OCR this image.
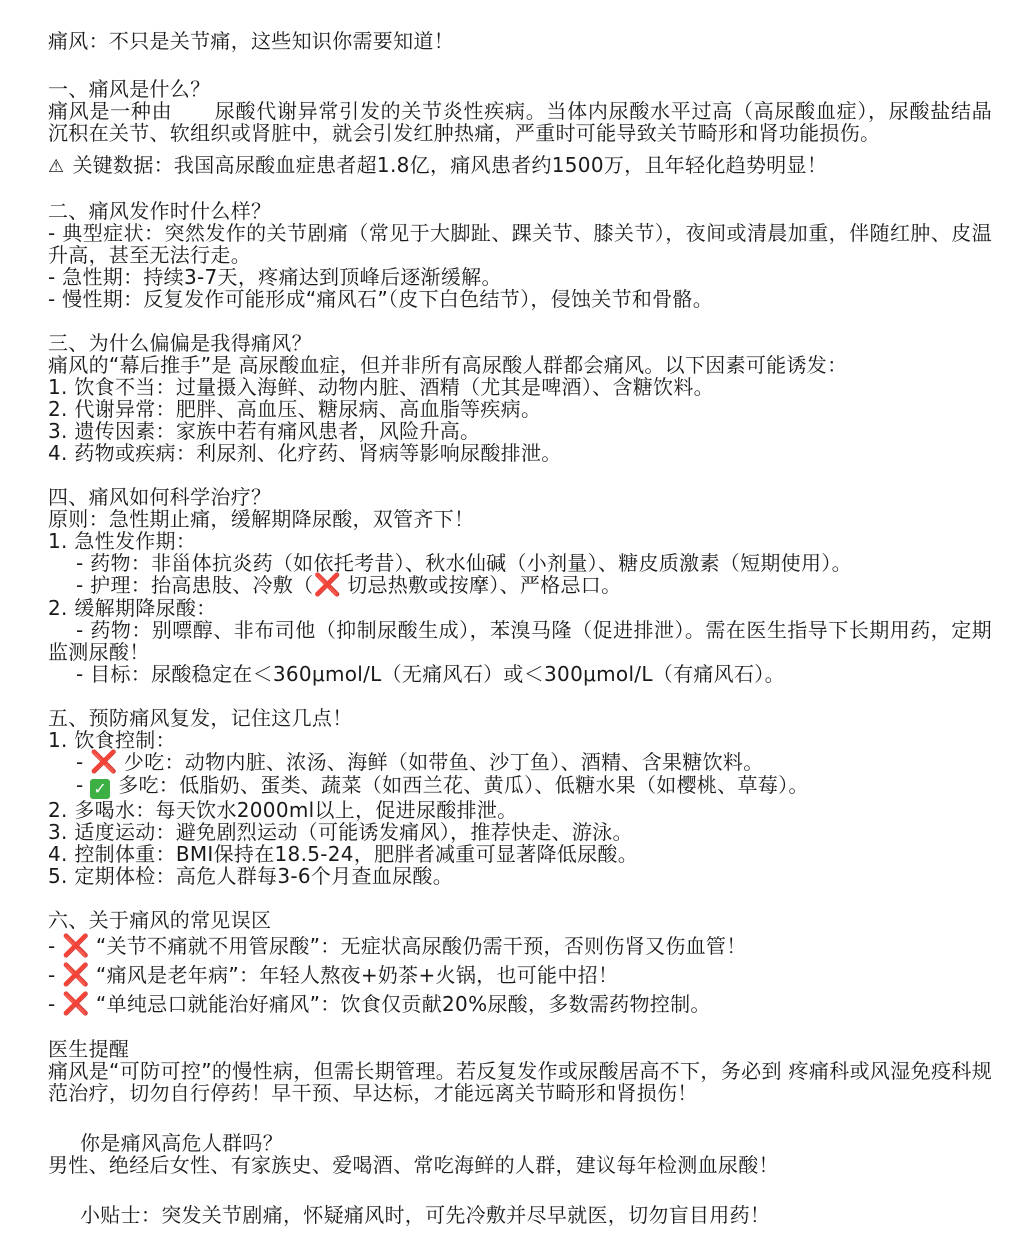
痛风：不只是关节痛，这些知识你需要知道！

一、痛风是什么？

痛风是一种由 尿酸代谢异常引发的关节炎性疾病。当体内尿酸水平过高（高尿酸血症），尿酸盐结晶沉积在关节、软组织或肾脏中，就会引发红肿热痛，严重时可能导致关节畸形和肾功能损伤。

⚠ 关键数据：我国高尿酸血症患者超1.8亿，痛风患者约1500万，且年轻化趋势明显！

二、痛风发作时什么样？

- 典型症状：突然发作的关节剧痛（常见于大脚趾、踝关节、膝关节），夜间或清晨加重，伴随红肿、皮温升高，甚至无法行走。

- 急性期：持续3-7天，疼痛达到顶峰后逐渐缓解。

- 慢性期：反复发作可能形成“痛风石”（皮下白色结节），侵蚀关节和骨骼。

三、为什么偏偏是我得痛风？

痛风的“幕后推手”是 高尿酸血症，但并非所有高尿酸人群都会痛风。以下因素可能诱发：

1. 饮食不当：过量摄入海鲜、动物内脏、酒精（尤其是啤酒）、含糖饮料。

2. 代谢异常：肥胖、高血压、糖尿病、高血脂等疾病。

3. 遗传因素：家族中若有痛风患者，风险升高。

4. 药物或疾病：利尿剂、化疗药、肾病等影响尿酸排泄。

四、痛风如何科学治疗？

原则：急性期止痛，缓解期降尿酸，双管齐下！

1. 急性发作期：

- 药物：非甾体抗炎药（如依托考昔）、秋水仙碱（小剂量）、糖皮质激素（短期使用）。

- 护理：抬高患肢、冷敷（❌ 切忌热敷或按摩）、严格忌口。

2. 缓解期降尿酸：

- 药物：别嘌醇、非布司他（抑制尿酸生成），苯溴马隆（促进排泄）。需在医生指导下长期用药，定期监测尿酸！

- 目标：尿酸稳定在＜360μmol/L（无痛风石）或＜300μmol/L（有痛风石）。

五、预防痛风复发，记住这几点！

1. 饮食控制：

- ❌ 少吃：动物内脏、浓汤、海鲜（如带鱼、沙丁鱼）、酒精、含果糖饮料。

- ✓ 多吃：低脂奶、蛋类、蔬菜（如西兰花、黄瓜）、低糖水果（如樱桃、草莓）。

2. 多喝水：每天饮水2000ml以上，促进尿酸排泄。

3. 适度运动：避免剧烈运动（可能诱发痛风），推荐快走、游泳。

4. 控制体重：BMI保持在18.5-24，肥胖者减重可显著降低尿酸。

5. 定期体检：高危人群每3-6个月查血尿酸。

六、关于痛风的常见误区

- ❌ “关节不痛就不用管尿酸”：无症状高尿酸仍需干预，否则伤肾又伤血管！

- ❌ “痛风是老年病”：年轻人熬夜+奶茶+火锅，也可能中招！

- ❌ “单纯忌口就能治好痛风”：饮食仅贡献20%尿酸，多数需药物控制。

医生提醒

痛风是“可防可控”的慢性病，但需长期管理。若反复发作或尿酸居高不下，务必到 疼痛科或风湿免疫科规范治疗，切勿自行停药！早干预、早达标，才能远离关节畸形和肾损伤！

你是痛风高危人群吗？

男性、绝经后女性、有家族史、爱喝酒、常吃海鲜的人群，建议每年检测血尿酸！

小贴士：突发关节剧痛，怀疑痛风时，可先冷敷并尽早就医，切勿盲目用药！
